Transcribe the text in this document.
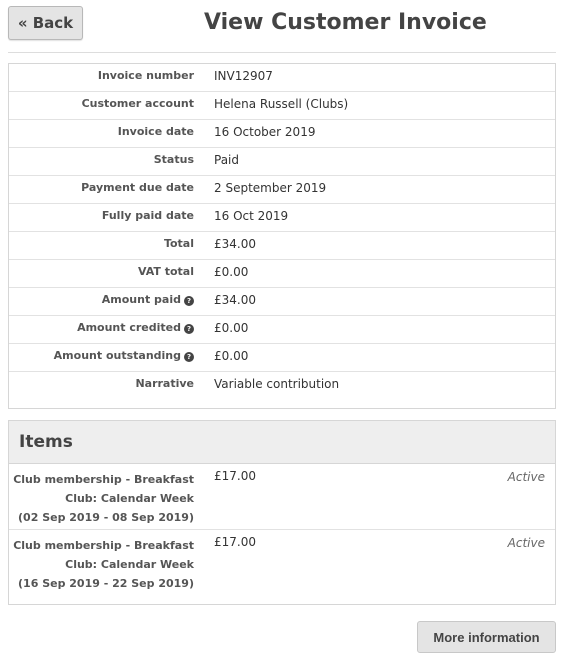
« Back	View Customer Invoice
Invoice number	INV12907
Customer account	Helena Russell (Clubs)
Invoice date	16 October 2019
Status	Paid
Payment due date	2 September 2019
Fully paid date	16 Oct 2019
Total	£34.00
VAT total	£0.00
Amount paid ?	£34.00
Amount credited ?	£0.00
Amount outstanding ?	£0.00
Narrative	Variable contribution
Items
Club membership - Breakfast
Club: Calendar Week
(02 Sep 2019 - 08 Sep 2019)
£17.00	Active
Club membership - Breakfast
Club: Calendar Week
(16 Sep 2019 - 22 Sep 2019)
£17.00	Active
More information
